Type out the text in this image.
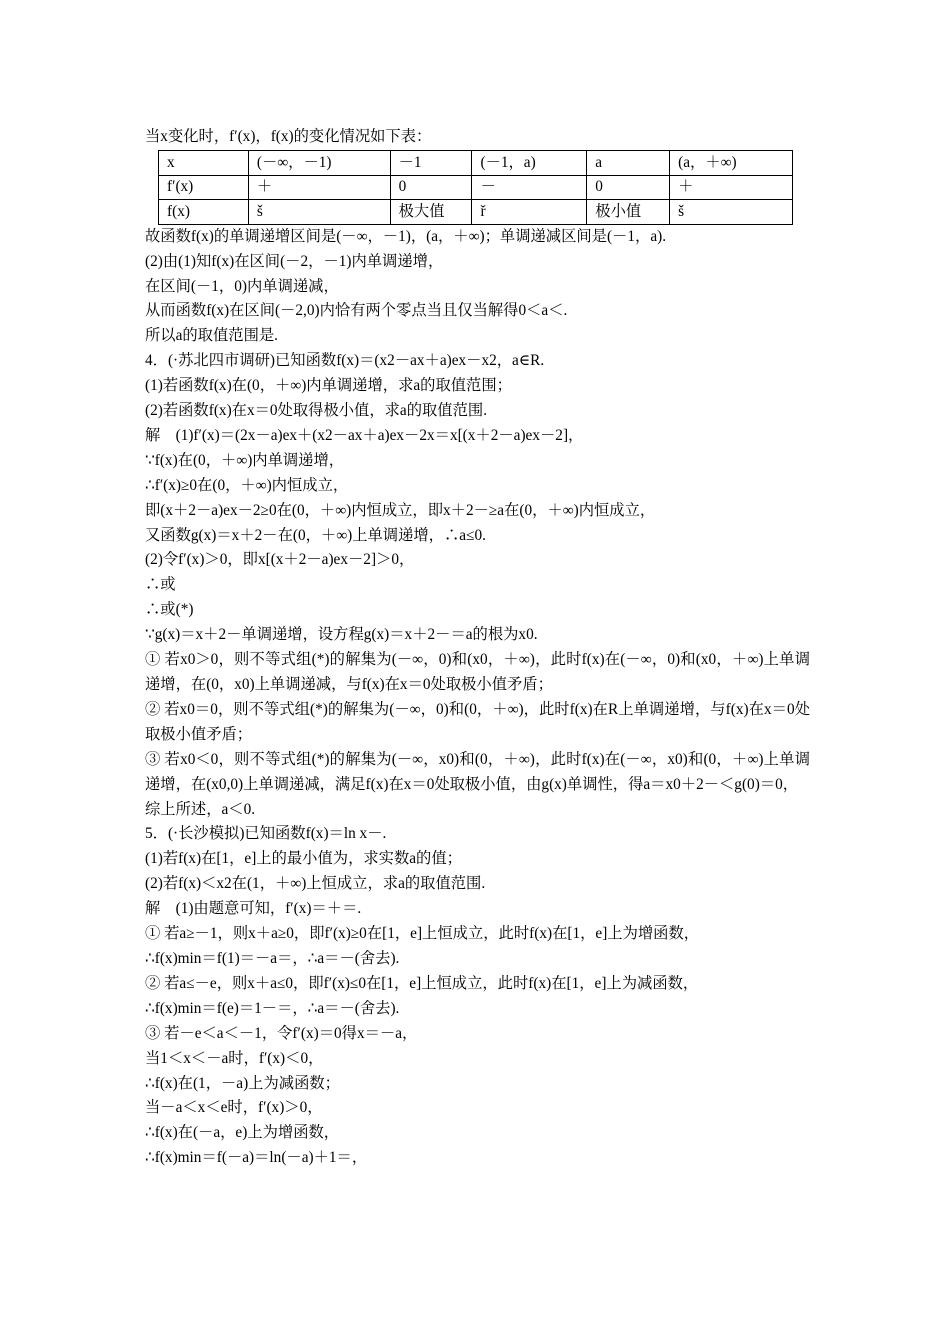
当x变化时，f′(x)，f(x)的变化情况如下表：
x	(－∞，－1)	－1	(－1，a)	a	(a，＋∞)
f′(x)	＋	0	－	0	＋
f(x)	š	极大值	ř	极小值	š
故函数f(x)的单调递增区间是(－∞，－1)，(a，＋∞)；单调递减区间是(－1，a).
(2)由(1)知f(x)在区间(－2，－1)内单调递增，
在区间(－1，0)内单调递减，
从而函数f(x)在区间(－2,0)内恰有两个零点当且仅当解得0＜a＜.
所以a的取值范围是.
4．(·苏北四市调研)已知函数f(x)＝(x2－ax＋a)ex－x2，a∈R.
(1)若函数f(x)在(0，＋∞)内单调递增，求a的取值范围；
(2)若函数f(x)在x＝0处取得极小值，求a的取值范围.
解　(1)f′(x)＝(2x－a)ex＋(x2－ax＋a)ex－2x＝x[(x＋2－a)ex－2]，
∵f(x)在(0，＋∞)内单调递增，
∴f′(x)≥0在(0，＋∞)内恒成立，
即(x＋2－a)ex－2≥0在(0，＋∞)内恒成立，即x＋2－≥a在(0，＋∞)内恒成立，
又函数g(x)＝x＋2－在(0，＋∞)上单调递增，∴a≤0.
(2)令f′(x)＞0，即x[(x＋2－a)ex－2]＞0，
∴或
∴或(*)
∵g(x)＝x＋2－单调递增，设方程g(x)＝x＋2－＝a的根为x0.
① 若x0＞0，则不等式组(*)的解集为(－∞，0)和(x0，＋∞)，此时f(x)在(－∞，0)和(x0，＋∞)上单调递增，在(0，x0)上单调递减，与f(x)在x＝0处取极小值矛盾；
② 若x0＝0，则不等式组(*)的解集为(－∞，0)和(0，＋∞)，此时f(x)在R上单调递增，与f(x)在x＝0处取极小值矛盾；
③ 若x0＜0，则不等式组(*)的解集为(－∞，x0)和(0，＋∞)，此时f(x)在(－∞，x0)和(0，＋∞)上单调递增，在(x0,0)上单调递减，满足f(x)在x＝0处取极小值，由g(x)单调性，得a＝x0＋2－＜g(0)＝0，
综上所述，a＜0.
5．(·长沙模拟)已知函数f(x)＝ln x－.
(1)若f(x)在[1，e]上的最小值为，求实数a的值；
(2)若f(x)＜x2在(1，＋∞)上恒成立，求a的取值范围.
解　(1)由题意可知，f′(x)＝＋＝.
① 若a≥－1，则x＋a≥0，即f′(x)≥0在[1，e]上恒成立，此时f(x)在[1，e]上为增函数，
∴f(x)min＝f(1)＝－a＝，∴a＝－(舍去).
② 若a≤－e，则x＋a≤0，即f′(x)≤0在[1，e]上恒成立，此时f(x)在[1，e]上为减函数，
∴f(x)min＝f(e)＝1－＝，∴a＝－(舍去).
③ 若－e＜a＜－1，令f′(x)＝0得x＝－a，
当1＜x＜－a时，f′(x)＜0，
∴f(x)在(1，－a)上为减函数；
当－a＜x＜e时，f′(x)＞0，
∴f(x)在(－a，e)上为增函数，
∴f(x)min＝f(－a)＝ln(－a)＋1＝，
